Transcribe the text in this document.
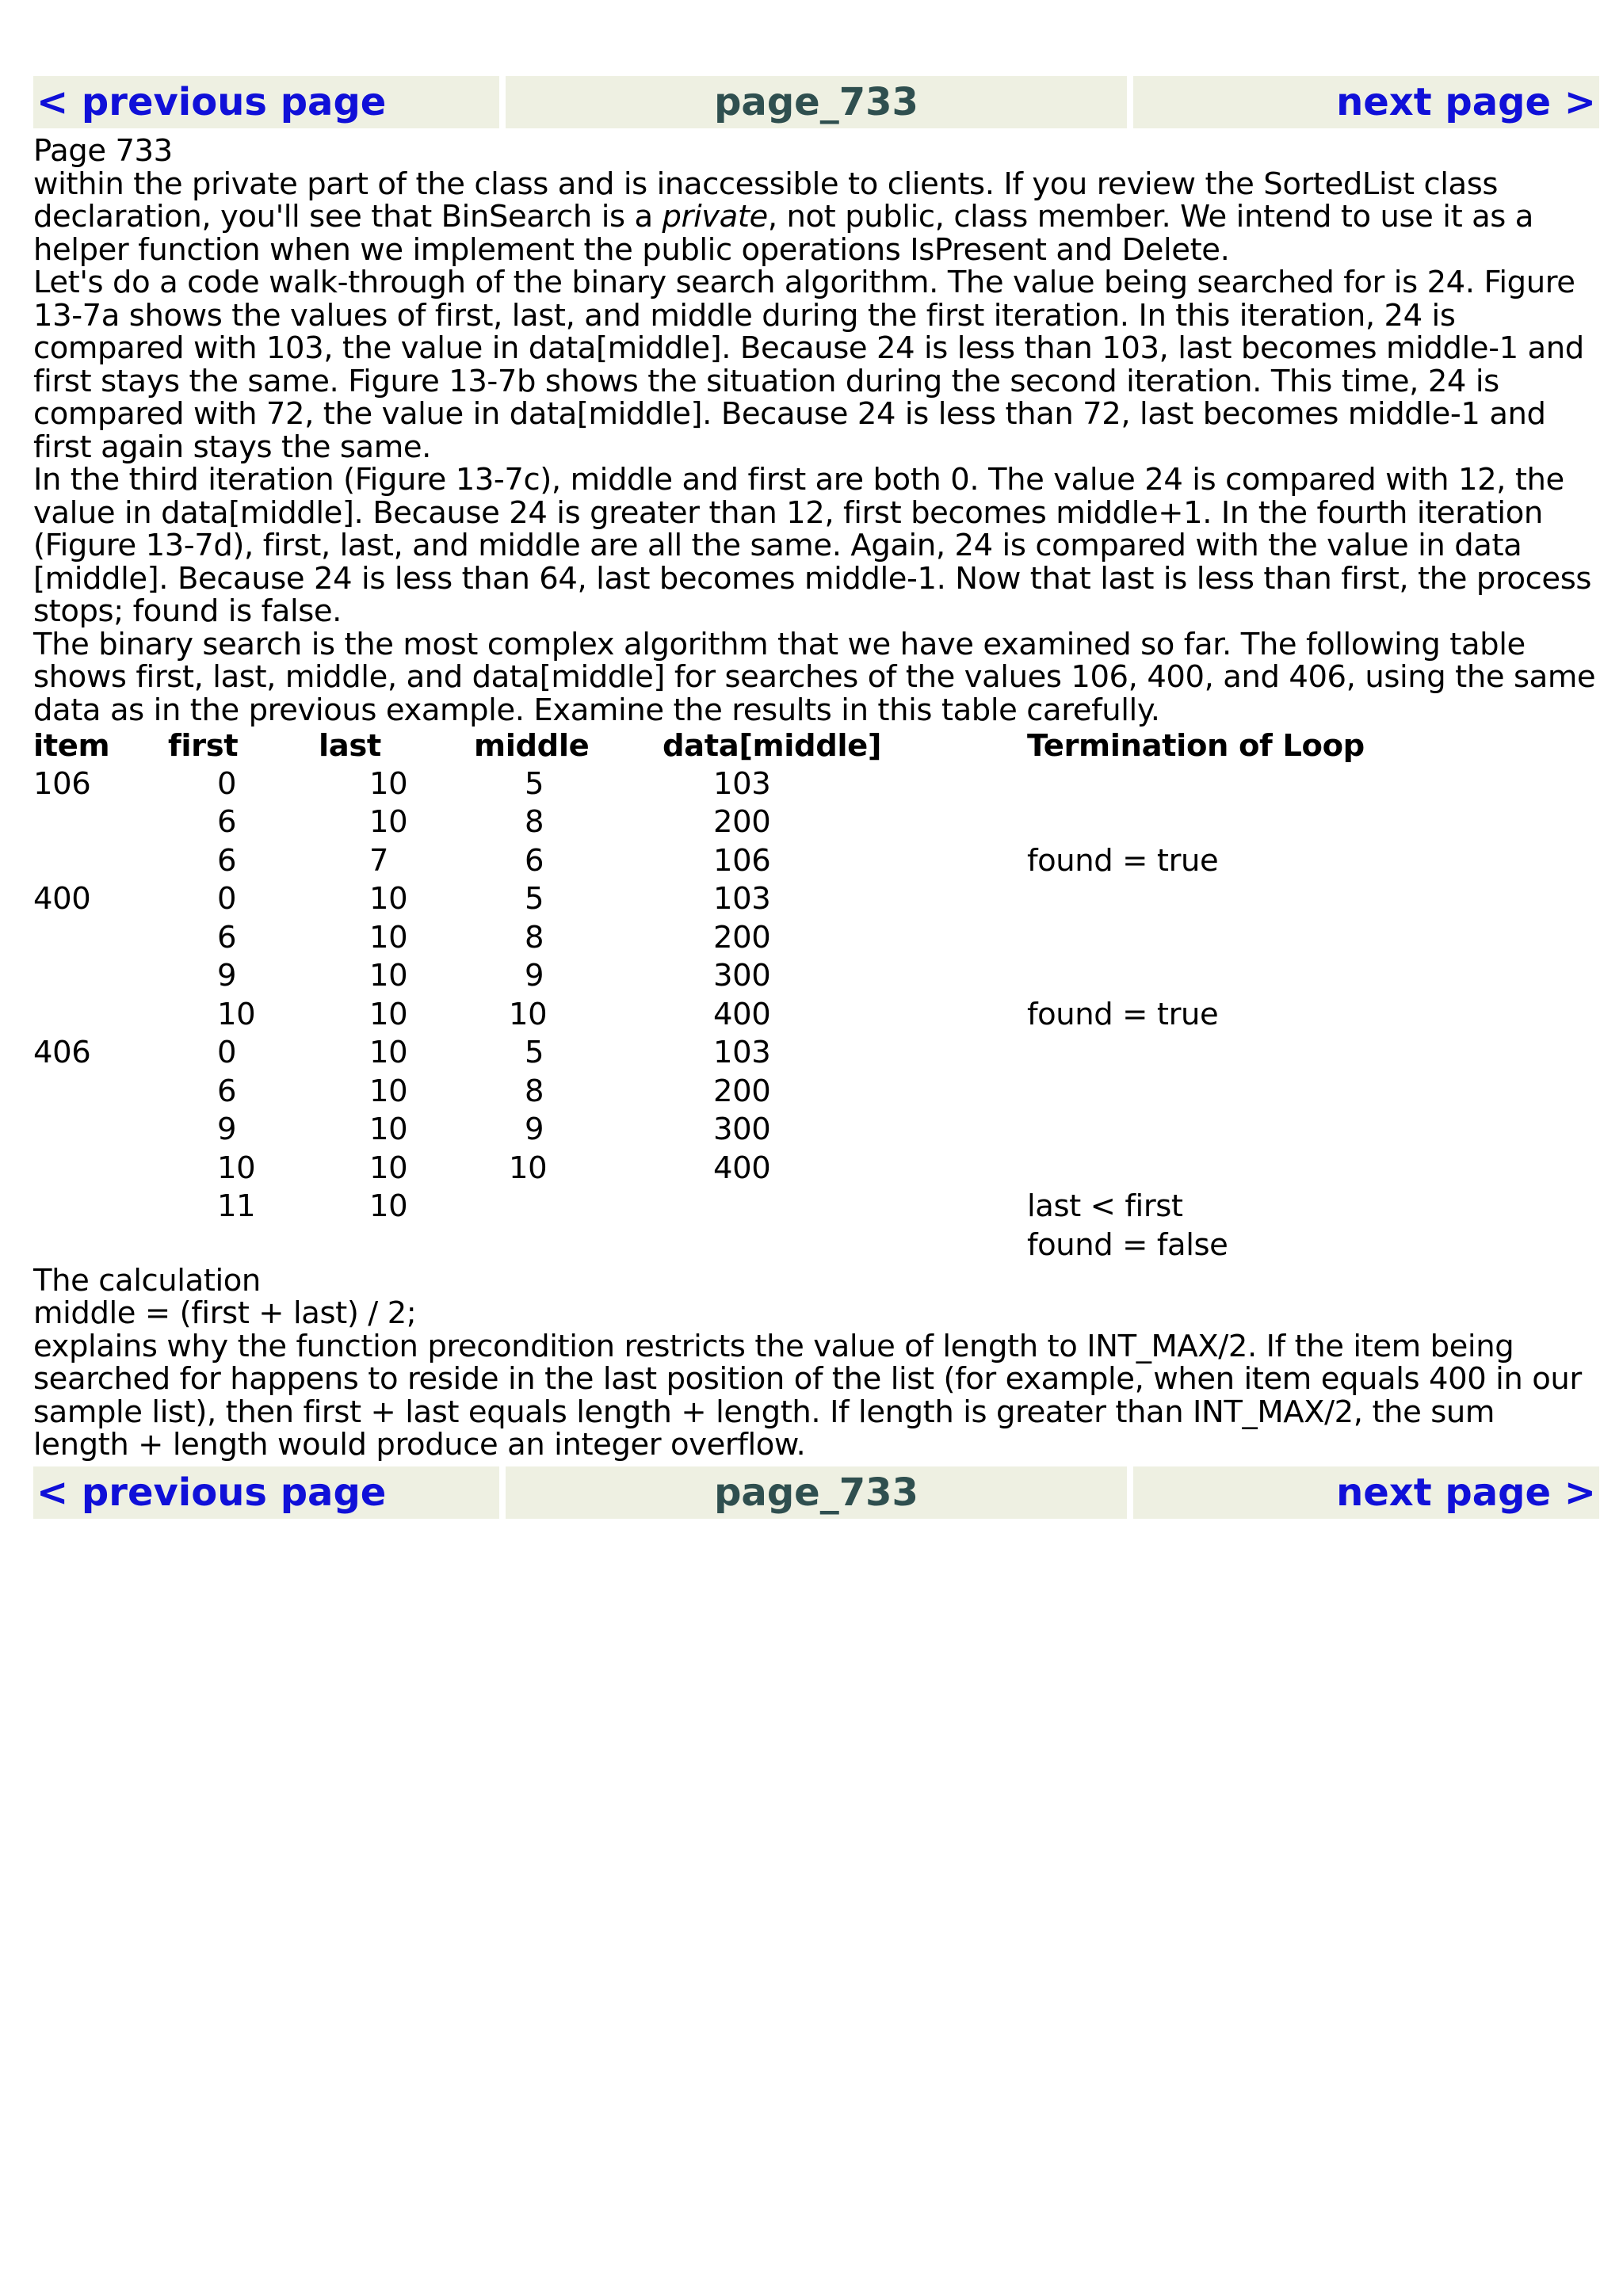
< previous page	page_733	next page >

Page 733

within the private part of the class and is inaccessible to clients. If you review the SortedList class declaration, you'll see that BinSearch is a private, not public, class member. We intend to use it as a helper function when we implement the public operations IsPresent and Delete.

Let's do a code walk-through of the binary search algorithm. The value being searched for is 24. Figure 13-7a shows the values of first, last, and middle during the first iteration. In this iteration, 24 is compared with 103, the value in data[middle]. Because 24 is less than 103, last becomes middle-1 and first stays the same. Figure 13-7b shows the situation during the second iteration. This time, 24 is compared with 72, the value in data[middle]. Because 24 is less than 72, last becomes middle-1 and first again stays the same.

In the third iteration (Figure 13-7c), middle and first are both 0. The value 24 is compared with 12, the value in data[middle]. Because 24 is greater than 12, first becomes middle+1. In the fourth iteration (Figure 13-7d), first, last, and middle are all the same. Again, 24 is compared with the value in data [middle]. Because 24 is less than 64, last becomes middle-1. Now that last is less than first, the process stops; found is false.

The binary search is the most complex algorithm that we have examined so far. The following table shows first, last, middle, and data[middle] for searches of the values 106, 400, and 406, using the same data as in the previous example. Examine the results in this table carefully.

item	first	last	middle	data[middle]	Termination of Loop
106	0	10	5	103	
	6	10	8	200	
	6	7	6	106	found = true
400	0	10	5	103	
	6	10	8	200	
	9	10	9	300	
	10	10	10	400	found = true
406	0	10	5	103	
	6	10	8	200	
	9	10	9	300	
	10	10	10	400	
	11	10			last < first
					found = false

The calculation

middle = (first + last) / 2;

explains why the function precondition restricts the value of length to INT_MAX/2. If the item being searched for happens to reside in the last position of the list (for example, when item equals 400 in our sample list), then first + last equals length + length. If length is greater than INT_MAX/2, the sum length + length would produce an integer overflow.

< previous page	page_733	next page >
